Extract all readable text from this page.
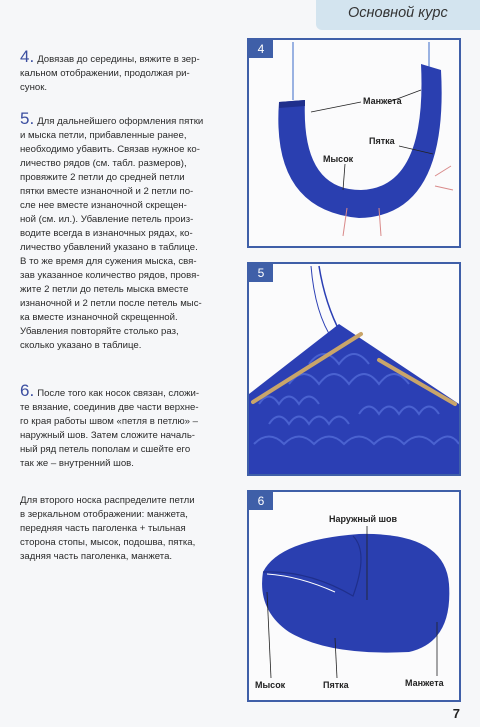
Основной курс

4. Довязав до середины, вяжите в зер-

кальном отображении, продолжая ри-

сунок.

5. Для дальнейшего оформления пятки

и мыска петли, прибавленные ранее,

необходимо убавить. Связав нужное ко-

личество рядов (см. табл. размеров),

провяжите 2 петли до средней петли

пятки вместе изнаночной и 2 петли по-

сле нее вместе изнаночной скрещен-

ной (см. ил.). Убавление петель произ-

водите всегда в изнаночных рядах, ко-

личество убавлений указано в таблице.

В то же время для сужения мыска, свя-

зав указанное количество рядов, провя-

жите 2 петли до петель мыска вместе

изнаночной и 2 петли после петель мыс-

ка вместе изнаночной скрещенной.

Убавления повторяйте столько раз,

сколько указано в таблице.

6. После того как носок связан, сложи-

те вязание, соединив две части верхне-

го края работы швом «петля в петлю» –

наружный шов. Затем сложите началь-

ный ряд петель пополам и сшейте его

так же – внутренний шов.

Для второго носка распределите петли

в зеркальном отображении: манжета,

передняя часть паголенка + тыльная

сторона стопы, мысок, подошва, пятка,

задняя часть паголенка, манжета.

4
Манжета
Пятка
Мысок
5
6
Наружный шов
Мысок	Пятка	Манжета
7
